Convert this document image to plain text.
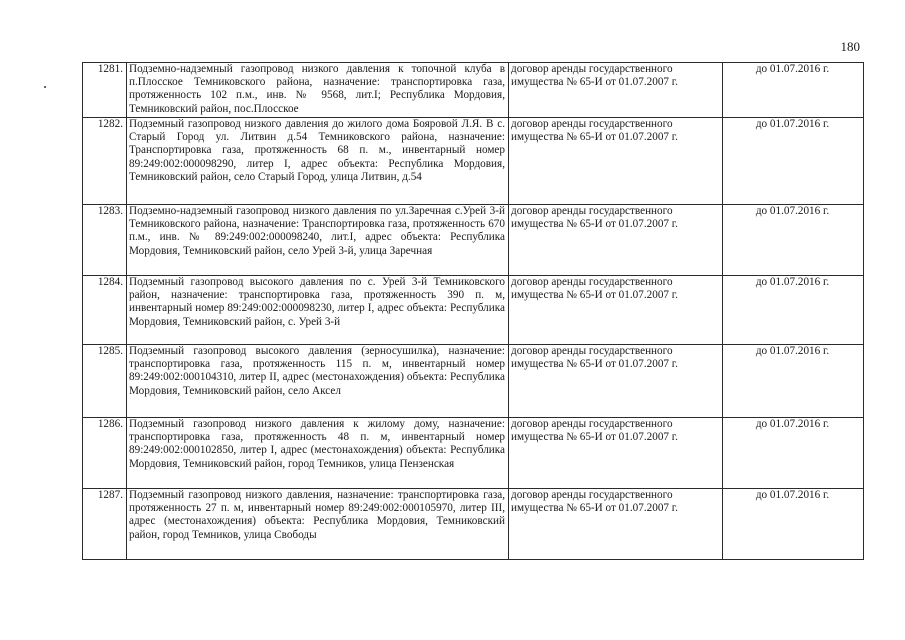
180
1281.	Подземно-надземный газопровод низкого давления к топочной клуба в п.Плосское Темниковского района, назначение: транспортировка газа, протяженность 102 п.м., инв. № 9568, лит.I; Республика Мордовия, Темниковский район, пос.Плосское	договор аренды государственного имущества № 65-И от 01.07.2007 г.	до 01.07.2016 г.
1282.	Подземный газопровод низкого давления до жилого дома Бояровой Л.Я. В с. Старый Город ул. Литвин д.54 Темниковского района, назначение: Транспортировка газа, протяженность 68 п. м., инвентарный номер 89:249:002:000098290, литер I, адрес объекта: Республика Мордовия, Темниковский район, село Старый Город, улица Литвин, д.54	договор аренды государственного имущества № 65-И от 01.07.2007 г.	до 01.07.2016 г.
1283.	Подземно-надземный газопровод низкого давления по ул.Заречная с.Урей 3-й Темниковского района, назначение: Транспортировка газа, протяженность 670 п.м., инв. № 89:249:002:000098240, лит.I, адрес объекта: Республика Мордовия, Темниковский район, село Урей 3-й, улица Заречная	договор аренды государственного имущества № 65-И от 01.07.2007 г.	до 01.07.2016 г.
1284.	Подземный газопровод высокого давления по с. Урей 3-й Темниковского район, назначение: транспортировка газа, протяженность 390 п. м, инвентарный номер 89:249:002:000098230, литер I, адрес объекта: Республика Мордовия, Темниковский район, с. Урей 3-й	договор аренды государственного имущества № 65-И от 01.07.2007 г.	до 01.07.2016 г.
1285.	Подземный газопровод высокого давления (зерносушилка), назначение: транспортировка газа, протяженность 115 п. м, инвентарный номер 89:249:002:000104310, литер II, адрес (местонахождения) объекта: Республика Мордовия, Темниковский район, село Аксел	договор аренды государственного имущества № 65-И от 01.07.2007 г.	до 01.07.2016 г.
1286.	Подземный газопровод низкого давления к жилому дому, назначение: транспортировка газа, протяженность 48 п. м, инвентарный номер 89:249:002:000102850, литер I, адрес (местонахождения) объекта: Республика Мордовия, Темниковский район, город Темников, улица Пензенская	договор аренды государственного имущества № 65-И от 01.07.2007 г.	до 01.07.2016 г.
1287.	Подземный газопровод низкого давления, назначение: транспортировка газа, протяженность 27 п. м, инвентарный номер 89:249:002:000105970, литер III, адрес (местонахождения) объекта: Республика Мордовия, Темниковский район, город Темников, улица Свободы	договор аренды государственного имущества № 65-И от 01.07.2007 г.	до 01.07.2016 г.
